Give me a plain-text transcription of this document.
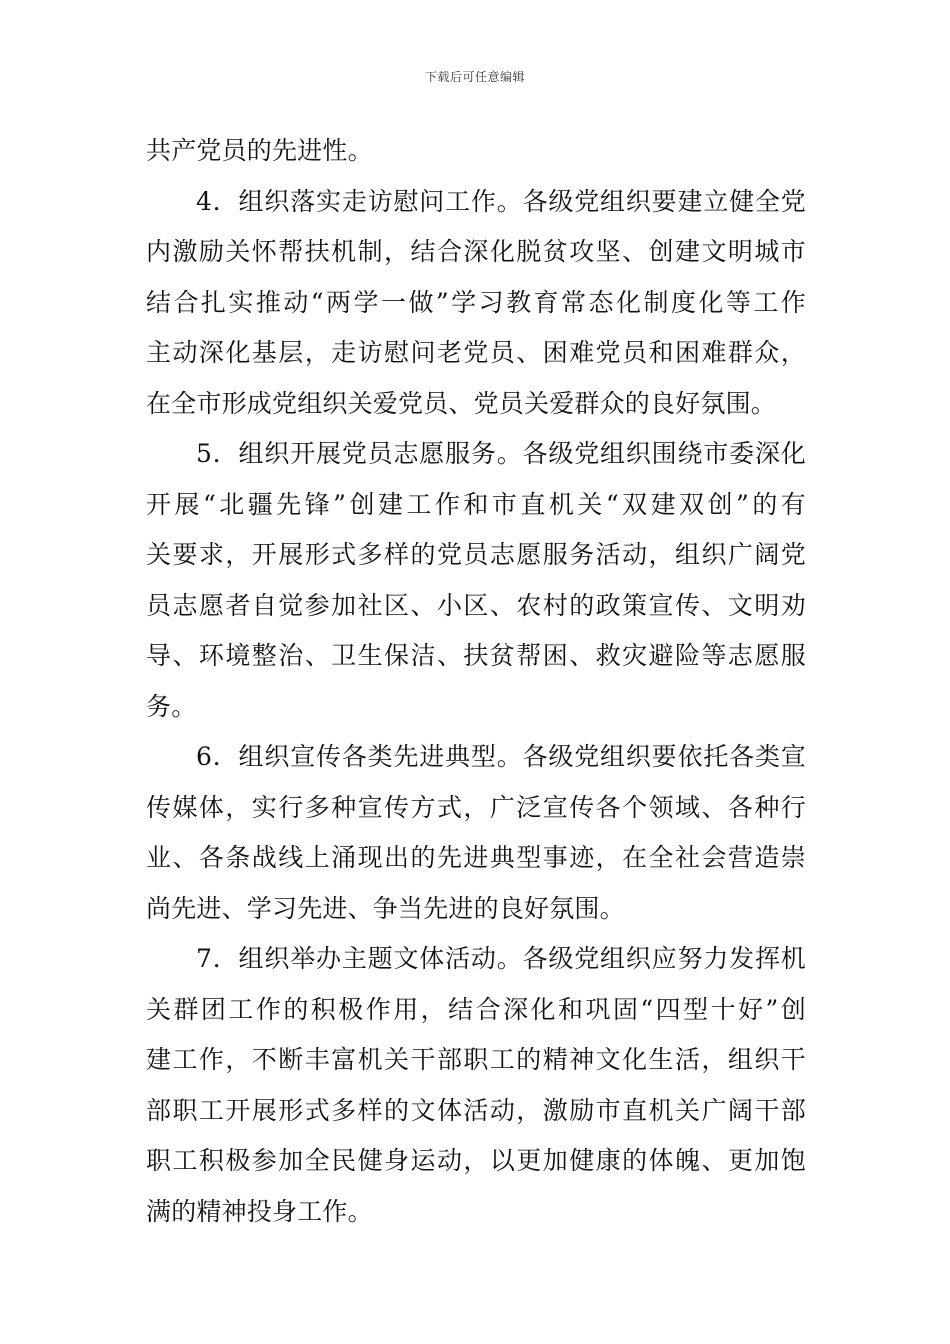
下载后可任意编辑
共产党员的先进性。
4．组织落实走访慰问工作。各级党组织要建立健全党
内激励关怀帮扶机制，结合深化脱贫攻坚、创建文明城市
结合扎实推动“两学一做”学习教育常态化制度化等工作
主动深化基层，走访慰问老党员、困难党员和困难群众，
在全市形成党组织关爱党员、党员关爱群众的良好氛围。
5．组织开展党员志愿服务。各级党组织围绕市委深化
开展“北疆先锋”创建工作和市直机关“双建双创”的有
关要求，开展形式多样的党员志愿服务活动，组织广阔党
员志愿者自觉参加社区、小区、农村的政策宣传、文明劝
导、环境整治、卫生保洁、扶贫帮困、救灾避险等志愿服
务。
6．组织宣传各类先进典型。各级党组织要依托各类宣
传媒体，实行多种宣传方式，广泛宣传各个领域、各种行
业、各条战线上涌现出的先进典型事迹，在全社会营造崇
尚先进、学习先进、争当先进的良好氛围。
7．组织举办主题文体活动。各级党组织应努力发挥机
关群团工作的积极作用，结合深化和巩固“四型十好”创
建工作，不断丰富机关干部职工的精神文化生活，组织干
部职工开展形式多样的文体活动，激励市直机关广阔干部
职工积极参加全民健身运动，以更加健康的体魄、更加饱
满的精神投身工作。
